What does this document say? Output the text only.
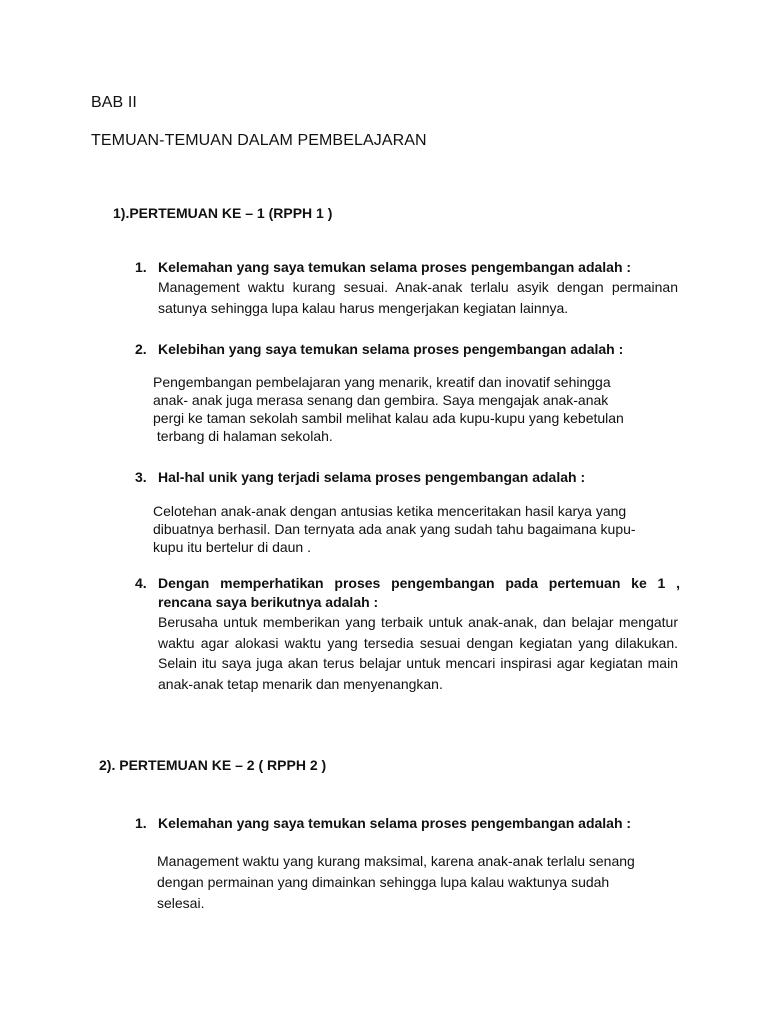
BAB II

TEMUAN-TEMUAN DALAM PEMBELAJARAN

1).PERTEMUAN KE – 1 (RPPH 1 )

1. Kelemahan yang saya temukan selama proses pengembangan adalah :

Management waktu kurang sesuai. Anak-anak terlalu asyik dengan permainan satunya sehingga lupa kalau harus mengerjakan kegiatan lainnya.

2. Kelebihan yang saya temukan selama proses pengembangan adalah :
Pengembangan pembelajaran yang menarik, kreatif dan inovatif sehingga
anak- anak juga merasa senang dan gembira. Saya mengajak anak-anak
pergi ke taman sekolah sambil melihat kalau ada kupu-kupu yang kebetulan
terbang di halaman sekolah.
3. Hal-hal unik yang terjadi selama proses pengembangan adalah :
Celotehan anak-anak dengan antusias ketika menceritakan hasil karya yang
dibuatnya berhasil. Dan ternyata ada anak yang sudah tahu bagaimana kupu-
kupu itu bertelur di daun .
4. Dengan memperhatikan proses pengembangan pada pertemuan ke 1 , rencana saya berikutnya adalah :

Berusaha untuk memberikan yang terbaik untuk anak-anak, dan belajar mengatur waktu agar alokasi waktu yang tersedia sesuai dengan kegiatan yang dilakukan. Selain itu saya juga akan terus belajar untuk mencari inspirasi agar kegiatan main anak-anak tetap menarik dan menyenangkan.

2). PERTEMUAN KE – 2 ( RPPH 2 )

1. Kelemahan yang saya temukan selama proses pengembangan adalah :
Management waktu yang kurang maksimal, karena anak-anak terlalu senang
dengan permainan yang dimainkan sehingga lupa kalau waktunya sudah
selesai.
